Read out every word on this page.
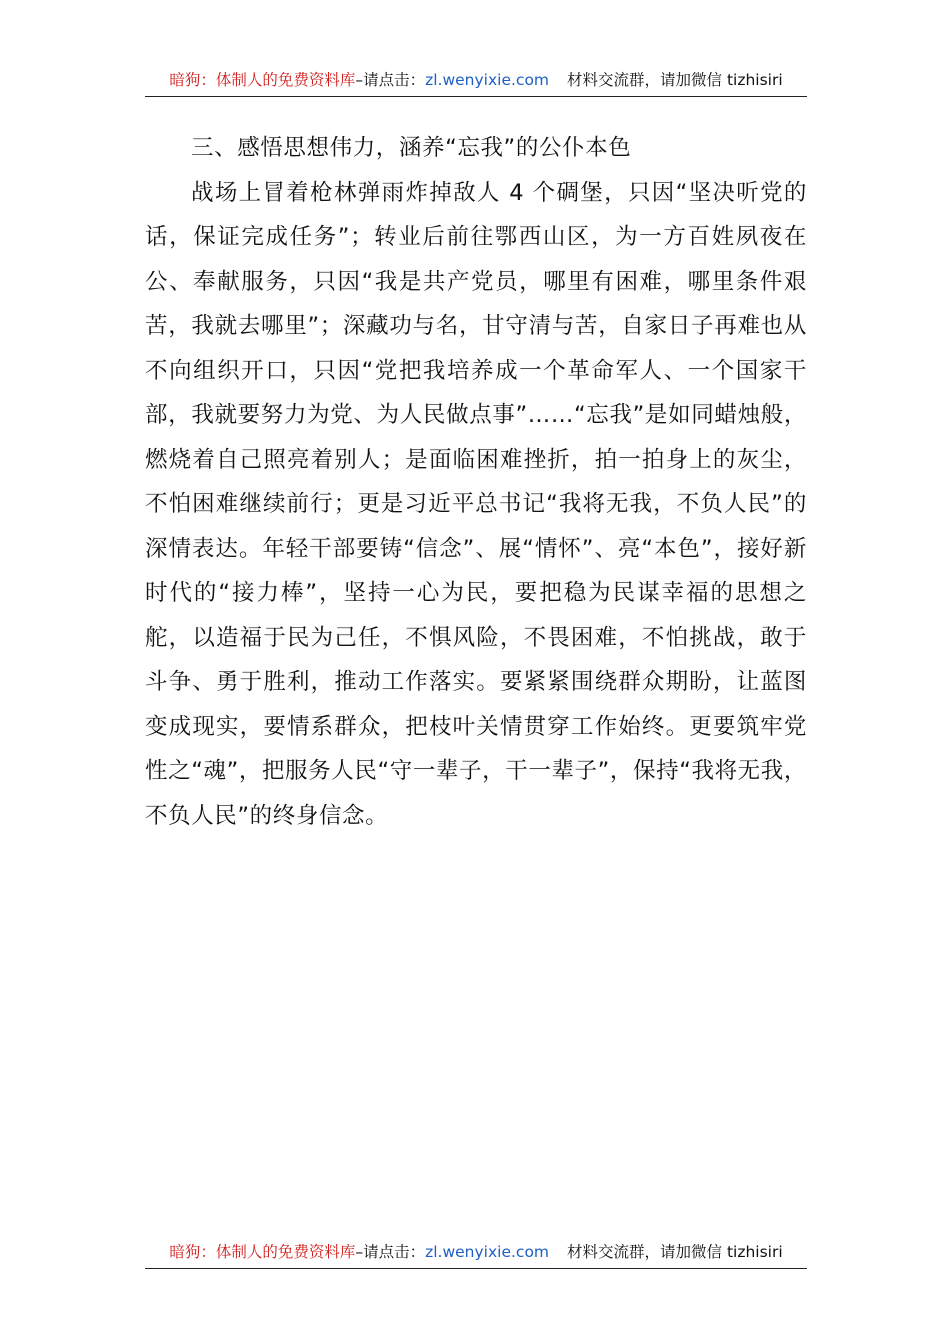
暗狗：体制人的免费资料库–请点击：zl.wenyixie.com 材料交流群，请加微信 tizhisiri
三、感悟思想伟力，涵养“忘我”的公仆本色

战场上冒着枪林弹雨炸掉敌人 4 个碉堡，只因“坚决听党的话，保证完成任务”；转业后前往鄂西山区，为一方百姓夙夜在公、奉献服务，只因“我是共产党员，哪里有困难，哪里条件艰苦，我就去哪里”；深藏功与名，甘守清与苦，自家日子再难也从不向组织开口，只因“党把我培养成一个革命军人、一个国家干部，我就要努力为党、为人民做点事”……“忘我”是如同蜡烛般，燃烧着自己照亮着别人；是面临困难挫折，拍一拍身上的灰尘，不怕困难继续前行；更是习近平总书记“我将无我，不负人民”的深情表达。年轻干部要铸“信念”、展“情怀”、亮“本色”，接好新时代的“接力棒”，坚持一心为民，要把稳为民谋幸福的思想之舵，以造福于民为己任，不惧风险，不畏困难，不怕挑战，敢于斗争、勇于胜利，推动工作落实。要紧紧围绕群众期盼，让蓝图变成现实，要情系群众，把枝叶关情贯穿工作始终。更要筑牢党性之“魂”，把服务人民“守一辈子，干一辈子”，保持“我将无我，不负人民”的终身信念。

暗狗：体制人的免费资料库–请点击：zl.wenyixie.com 材料交流群，请加微信 tizhisiri
